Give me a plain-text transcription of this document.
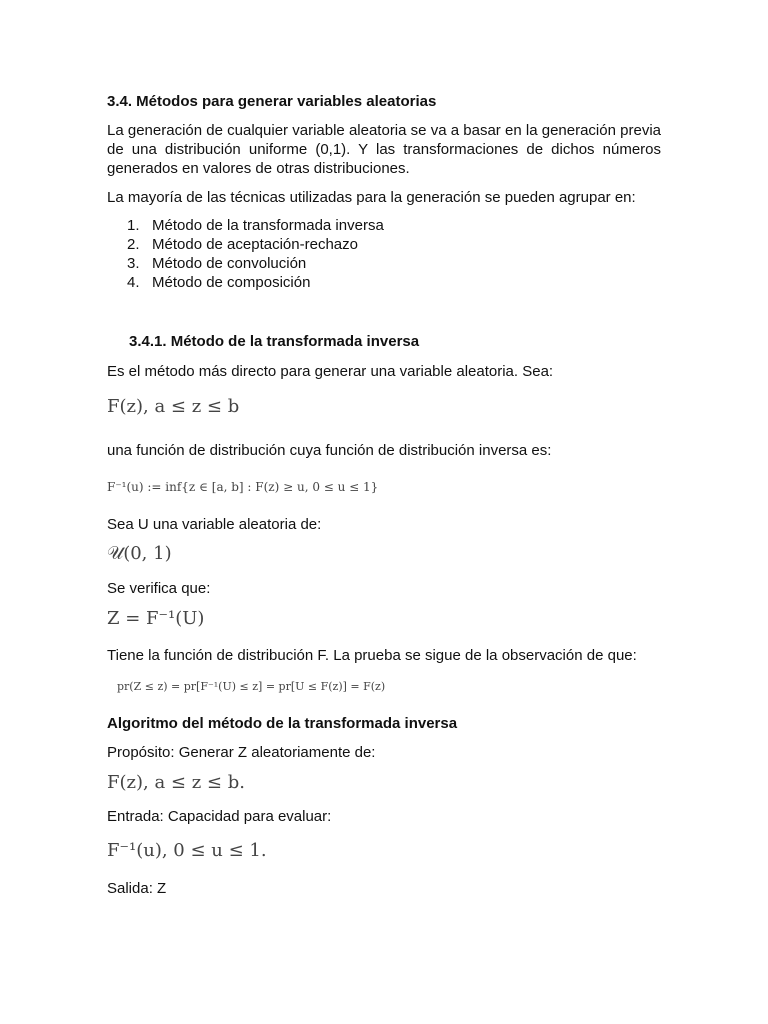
3.4. Métodos para generar variables aleatorias

La generación de cualquier variable aleatoria se va a basar en la generación previa de una distribución uniforme (0,1). Y las transformaciones de dichos números generados en valores de otras distribuciones.

La mayoría de las técnicas utilizadas para la generación se pueden agrupar en:

1. Método de la transformada inversa
2. Método de aceptación-rechazo
3. Método de convolución
4. Método de composición

3.4.1. Método de la transformada inversa

Es el método más directo para generar una variable aleatoria. Sea:

F(z), a ≤ z ≤ b

una función de distribución cuya función de distribución inversa es:

F⁻¹(u) := inf{z ∈ [a, b] : F(z) ≥ u, 0 ≤ u ≤ 1}

Sea U una variable aleatoria de:

𝒰(0, 1)

Se verifica que:

Z = F⁻¹(U)

Tiene la función de distribución F. La prueba se sigue de la observación de que:

pr(Z ≤ z) = pr[F⁻¹(U) ≤ z] = pr[U ≤ F(z)] = F(z)

Algoritmo del método de la transformada inversa

Propósito: Generar Z aleatoriamente de:

F(z), a ≤ z ≤ b.

Entrada: Capacidad para evaluar:

F⁻¹(u), 0 ≤ u ≤ 1.

Salida: Z
